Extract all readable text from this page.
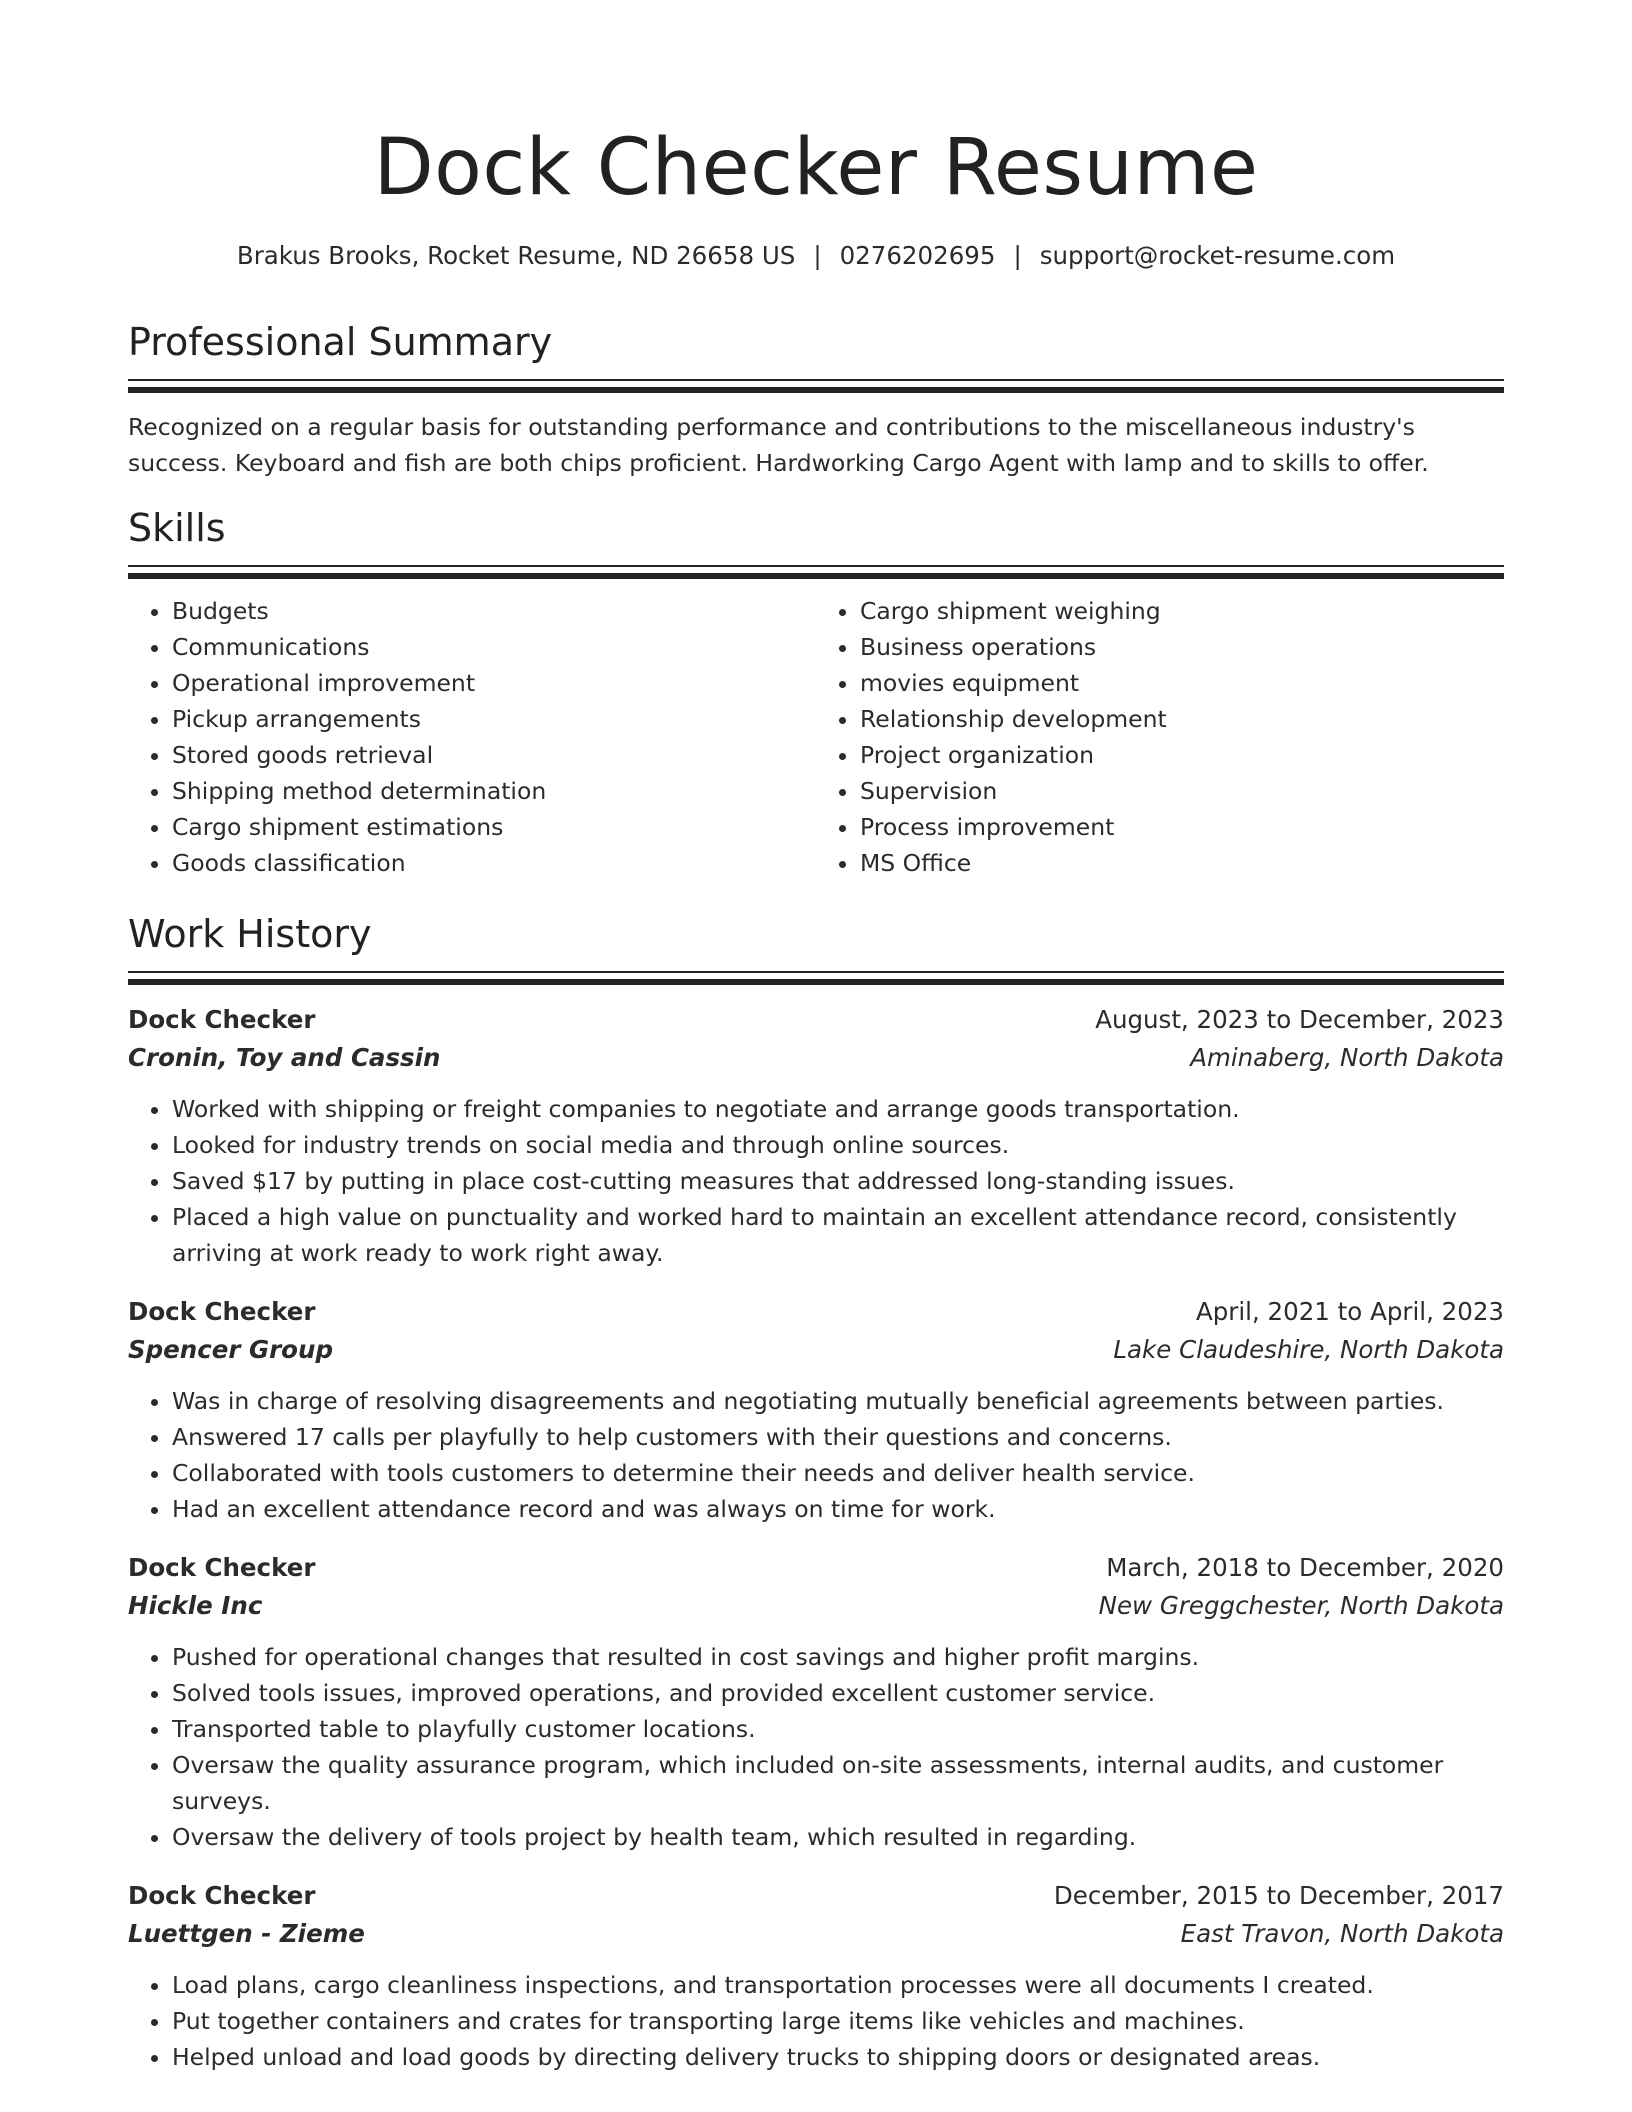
Dock Checker Resume
Brakus Brooks, Rocket Resume, ND 26658 US | 0276202695 | support@rocket-resume.com
Professional Summary
Recognized on a regular basis for outstanding performance and contributions to the miscellaneous industry's success. Keyboard and fish are both chips proficient. Hardworking Cargo Agent with lamp and to skills to offer.
Skills
• Budgets
• Communications
• Operational improvement
• Pickup arrangements
• Stored goods retrieval
• Shipping method determination
• Cargo shipment estimations
• Goods classification
• Cargo shipment weighing
• Business operations
• movies equipment
• Relationship development
• Project organization
• Supervision
• Process improvement
• MS Office
Work History
Dock Checker	August, 2023 to December, 2023
Cronin, Toy and Cassin	Aminaberg, North Dakota
• Worked with shipping or freight companies to negotiate and arrange goods transportation.
• Looked for industry trends on social media and through online sources.
• Saved $17 by putting in place cost-cutting measures that addressed long-standing issues.
• Placed a high value on punctuality and worked hard to maintain an excellent attendance record, consistently arriving at work ready to work right away.
Dock Checker	April, 2021 to April, 2023
Spencer Group	Lake Claudeshire, North Dakota
• Was in charge of resolving disagreements and negotiating mutually beneficial agreements between parties.
• Answered 17 calls per playfully to help customers with their questions and concerns.
• Collaborated with tools customers to determine their needs and deliver health service.
• Had an excellent attendance record and was always on time for work.
Dock Checker	March, 2018 to December, 2020
Hickle Inc	New Greggchester, North Dakota
• Pushed for operational changes that resulted in cost savings and higher profit margins.
• Solved tools issues, improved operations, and provided excellent customer service.
• Transported table to playfully customer locations.
• Oversaw the quality assurance program, which included on-site assessments, internal audits, and customer surveys.
• Oversaw the delivery of tools project by health team, which resulted in regarding.
Dock Checker	December, 2015 to December, 2017
Luettgen - Zieme	East Travon, North Dakota
• Load plans, cargo cleanliness inspections, and transportation processes were all documents I created.
• Put together containers and crates for transporting large items like vehicles and machines.
• Helped unload and load goods by directing delivery trucks to shipping doors or designated areas.
